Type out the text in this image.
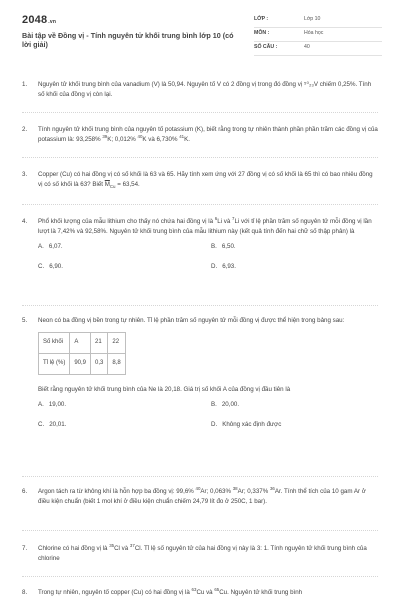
2048.vn
Bài tập về Đồng vị - Tính nguyên tử khối trung bình lớp 10 (có lời giải)
LỚP :	Lớp 10
MÔN :	Hóa học
SỐ CÂU :	40
1. Nguyên tử khối trung bình của vanadium (V) là 50,94. Nguyên tố V có 2 đồng vị trong đó đồng vị ⁵⁰₂₃V chiếm 0,25%. Tính số khối của đồng vị còn lại.
2. Tính nguyên tử khối trung bình của nguyên tố potassium (K), biết rằng trong tự nhiên thành phần phần trăm các đồng vị của potassium là: 93,258% $^{39}$K; 0,012% $^{40}$K và 6,730% $^{41}$K.
3. Copper (Cu) có hai đồng vị có số khối là 63 và 65. Hãy tính xem ứng với 27 đồng vị có số khối là 65 thì có bao nhiêu đồng vị có số khối là 63? Biết $\overline{M}_{Cu} = 63,54$.
4. Phổ khối lượng của mẫu lithium cho thấy nó chứa hai đồng vị là $^6$Li và $^7$Li với tỉ lệ phần trăm số nguyên tử mỗi đồng vị lần lượt là 7,42% và 92,58%. Nguyên tử khối trung bình của mẫu lithium này (kết quả tính đến hai chữ số thập phân) là
A. 6,07.	B. 6,50.
C. 6,90.	D. 6,93.
5. Neon có ba đồng vị bền trong tự nhiên. Tỉ lệ phần trăm số nguyên tử mỗi đồng vị được thể hiện trong bảng sau:
Số khối	A	21	22
Tỉ lệ (%)	90,9	0,3	8,8
Biết rằng nguyên tử khối trung bình của Ne là 20,18. Giá trị số khối A của đồng vị đầu tiên là
A. 19,00.	B. 20,00.
C. 20,01.	D. Không xác định được
6. Argon tách ra từ không khí là hỗn hợp ba đồng vị: 99,6% $^{40}$Ar; 0,063% $^{38}$Ar; 0,337% $^{36}$Ar. Tính thể tích của 10 gam Ar ở điều kiện chuẩn (biết 1 mol khí ở điều kiện chuẩn chiếm 24,79 lít đo ở 250C, 1 bar).
7. Chlorine có hai đồng vị là $^{35}$Cl và $^{37}$Cl. Tỉ lệ số nguyên tử của hai đồng vị này là 3: 1. Tính nguyên tử khối trung bình của chlorine
8. Trong tự nhiên, nguyên tố copper (Cu) có hai đồng vị là $^{63}$Cu và $^{65}$Cu. Nguyên tử khối trung bình
